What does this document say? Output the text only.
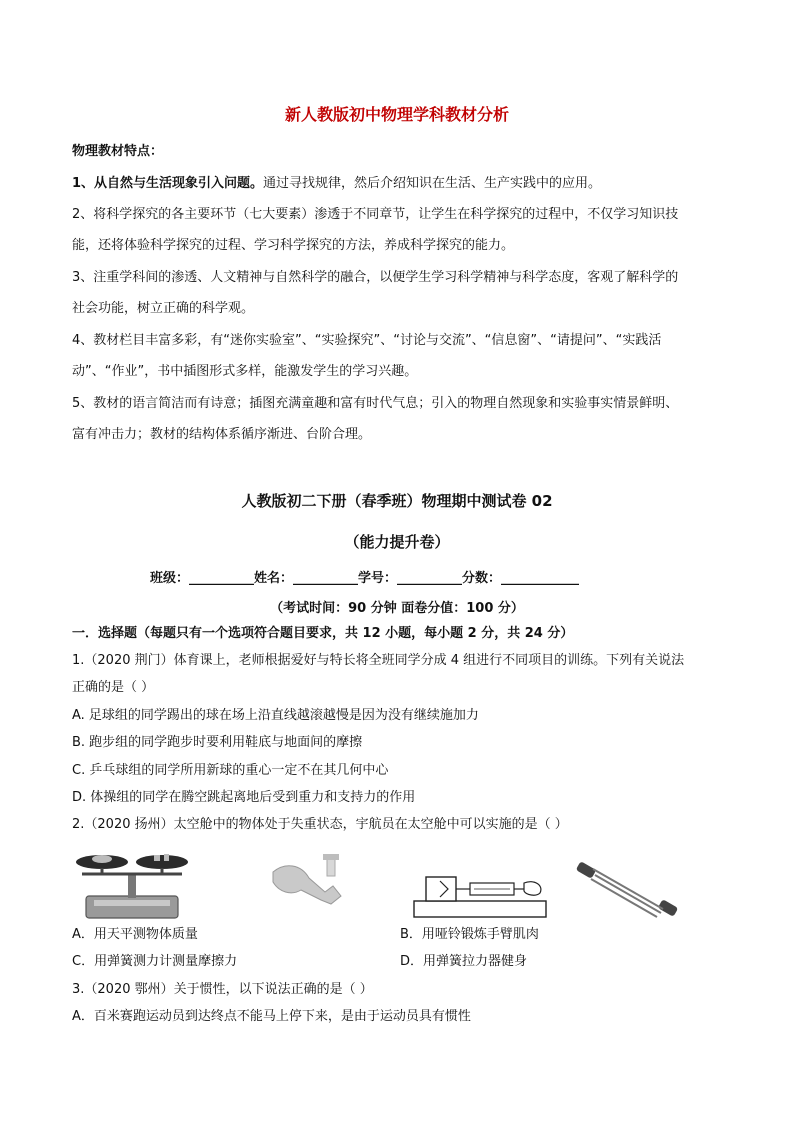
新人教版初中物理学科教材分析
物理教材特点：
1、从自然与生活现象引入问题。通过寻找规律，然后介绍知识在生活、生产实践中的应用。
2、将科学探究的各主要环节（七大要素）渗透于不同章节，让学生在科学探究的过程中，不仅学习知识技
能，还将体验科学探究的过程、学习科学探究的方法，养成科学探究的能力。
3、注重学科间的渗透、人文精神与自然科学的融合，以便学生学习科学精神与科学态度，客观了解科学的
社会功能，树立正确的科学观。
4、教材栏目丰富多彩，有“迷你实验室”、“实验探究”、“讨论与交流”、“信息窗”、“请提问”、“实践活
动”、“作业”，书中插图形式多样，能激发学生的学习兴趣。
5、教材的语言简洁而有诗意；插图充满童趣和富有时代气息；引入的物理自然现象和实验事实情景鲜明、
富有冲击力；教材的结构体系循序渐进、台阶合理。
人教版初二下册（春季班）物理期中测试卷 02
（能力提升卷）
班级：__________姓名：__________学号：__________分数：____________
（考试时间：90 分钟 面卷分值：100 分）
一．选择题（每题只有一个选项符合题目要求，共 12 小题，每小题 2 分，共 24 分）
1.（2020 荆门）体育课上，老师根据爱好与特长将全班同学分成 4 组进行不同项目的训练。下列有关说法
正确的是（ ）
A. 足球组的同学踢出的球在场上沿直线越滚越慢是因为没有继续施加力
B. 跑步组的同学跑步时要利用鞋底与地面间的摩擦
C. 乒乓球组的同学所用新球的重心一定不在其几何中心
D. 体操组的同学在腾空跳起离地后受到重力和支持力的作用
2.（2020 扬州）太空舱中的物体处于失重状态，宇航员在太空舱中可以实施的是（ ）
A．用天平测物体质量	B．用哑铃锻炼手臂肌肉
C．用弹簧测力计测量摩擦力	D．用弹簧拉力器健身
3.（2020 鄂州）关于惯性，以下说法正确的是（ ）
A．百米赛跑运动员到达终点不能马上停下来，是由于运动员具有惯性
